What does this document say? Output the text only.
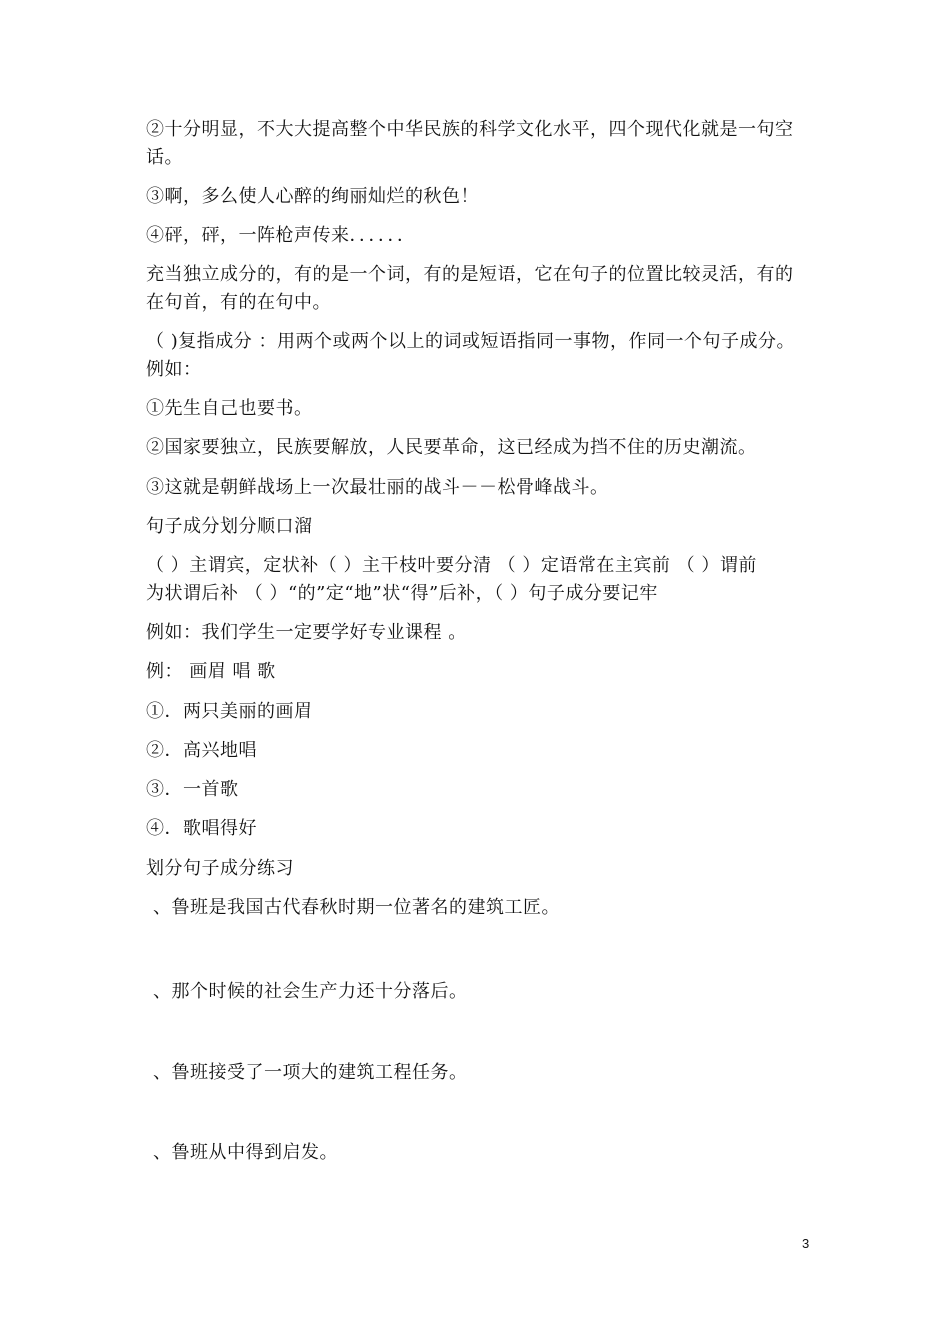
②十分明显，不大大提高整个中华民族的科学文化水平，四个现代化就是一句空
话。
③啊，多么使人心醉的绚丽灿烂的秋色！
④砰，砰，一阵枪声传来．．．．．．
充当独立成分的，有的是一个词，有的是短语，它在句子的位置比较灵活，有的
在句首，有的在句中。
（ )复指成分 ：用两个或两个以上的词或短语指同一事物，作同一个句子成分。
例如：
①先生自己也要书。
②国家要独立，民族要解放，人民要革命，这已经成为挡不住的历史潮流。
③这就是朝鲜战场上一次最壮丽的战斗－－松骨峰战斗。
句子成分划分顺口溜
（ ）主谓宾，定状补（ ）主干枝叶要分清 （ ）定语常在主宾前 （ ）谓前
为状谓后补 （ ）“的”定“地”状“得”后补，（ ）句子成分要记牢
例如：我们学生一定要学好专业课程 。
例： 画眉 唱 歌
①．两只美丽的画眉
②．高兴地唱
③．一首歌
④．歌唱得好
划分句子成分练习
、鲁班是我国古代春秋时期一位著名的建筑工匠。
、那个时候的社会生产力还十分落后。
、鲁班接受了一项大的建筑工程任务。
、鲁班从中得到启发。
3
